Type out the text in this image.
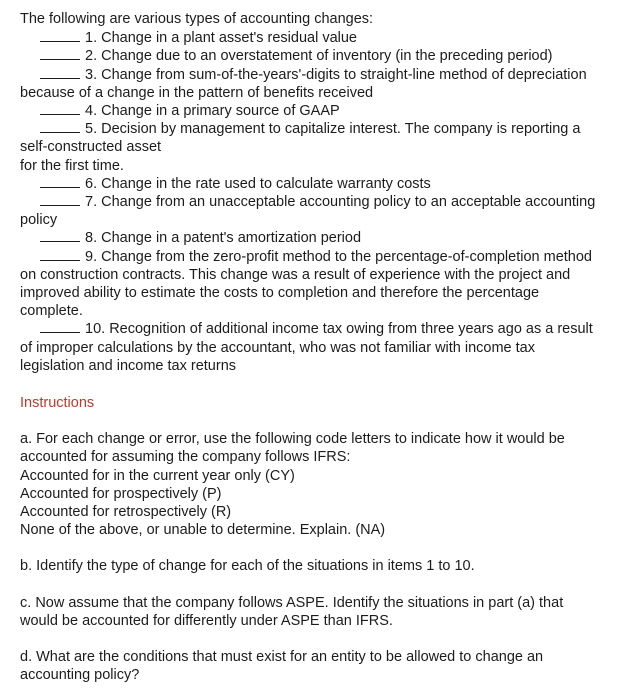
The following are various types of accounting changes:
1. Change in a plant asset's residual value
2. Change due to an overstatement of inventory (in the preceding period)
3. Change from sum-of-the-years'-digits to straight-line method of depreciation
because of a change in the pattern of benefits received
4. Change in a primary source of GAAP
5. Decision by management to capitalize interest. The company is reporting a
self-constructed asset
for the first time.
6. Change in the rate used to calculate warranty costs
7. Change from an unacceptable accounting policy to an acceptable accounting
policy
8. Change in a patent's amortization period
9. Change from the zero-profit method to the percentage-of-completion method
on construction contracts. This change was a result of experience with the project and
improved ability to estimate the costs to completion and therefore the percentage
complete.
10. Recognition of additional income tax owing from three years ago as a result
of improper calculations by the accountant, who was not familiar with income tax
legislation and income tax returns
Instructions
a. For each change or error, use the following code letters to indicate how it would be
accounted for assuming the company follows IFRS:
Accounted for in the current year only (CY)
Accounted for prospectively (P)
Accounted for retrospectively (R)
None of the above, or unable to determine. Explain. (NA)
b. Identify the type of change for each of the situations in items 1 to 10.
c. Now assume that the company follows ASPE. Identify the situations in part (a) that
would be accounted for differently under ASPE than IFRS.
d. What are the conditions that must exist for an entity to be allowed to change an
accounting policy?
